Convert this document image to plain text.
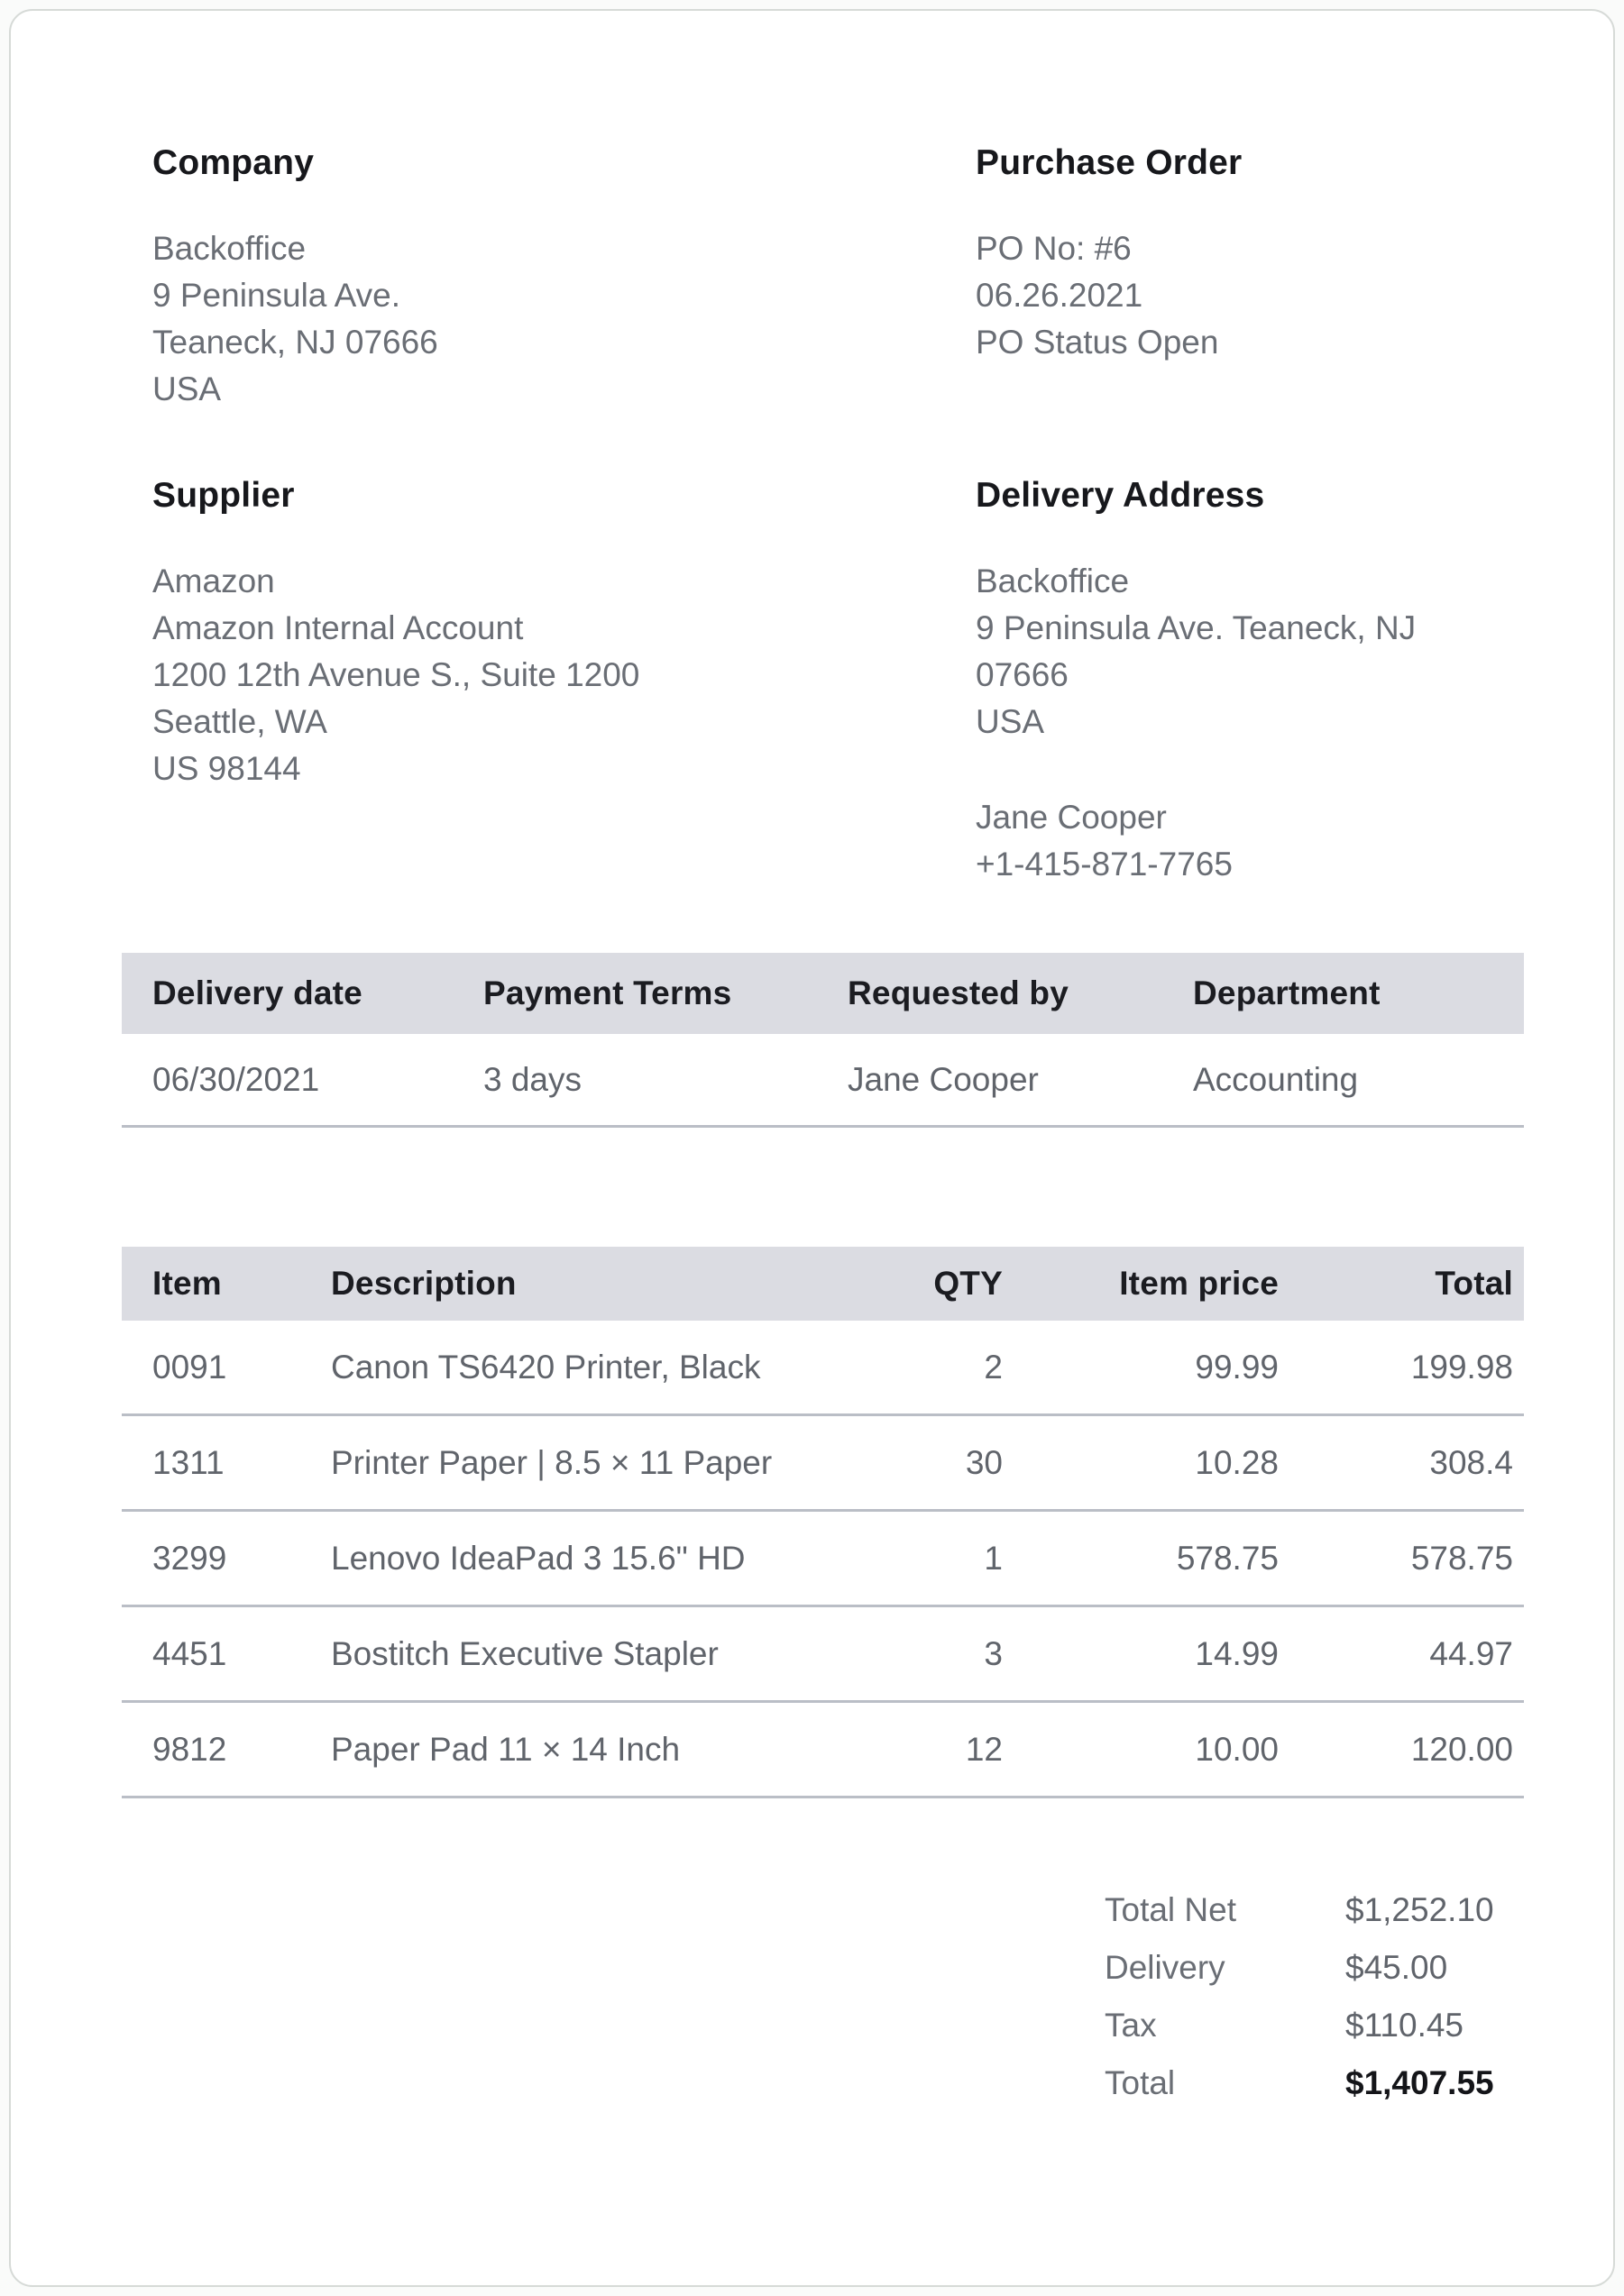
Company
Backoffice
9 Peninsula Ave.
Teaneck, NJ 07666
USA
Purchase Order
PO No: #6
06.26.2021
PO Status Open
Supplier
Amazon
Amazon Internal Account
1200 12th Avenue S., Suite 1200
Seattle, WA
US 98144
Delivery Address
Backoffice
9 Peninsula Ave. Teaneck, NJ
07666
USA
Jane Cooper
+1-415-871-7765
Delivery date	Payment Terms	Requested by	Department
06/30/2021	3 days	Jane Cooper	Accounting
Item	Description	QTY	Item price	Total
0091	Canon TS6420 Printer, Black	2	99.99	199.98
1311	Printer Paper | 8.5 × 11 Paper	30	10.28	308.4
3299	Lenovo IdeaPad 3 15.6" HD	1	578.75	578.75
4451	Bostitch Executive Stapler	3	14.99	44.97
9812	Paper Pad 11 × 14 Inch	12	10.00	120.00
Total Net	$1,252.10
Delivery	$45.00
Tax	$110.45
Total	$1,407.55
